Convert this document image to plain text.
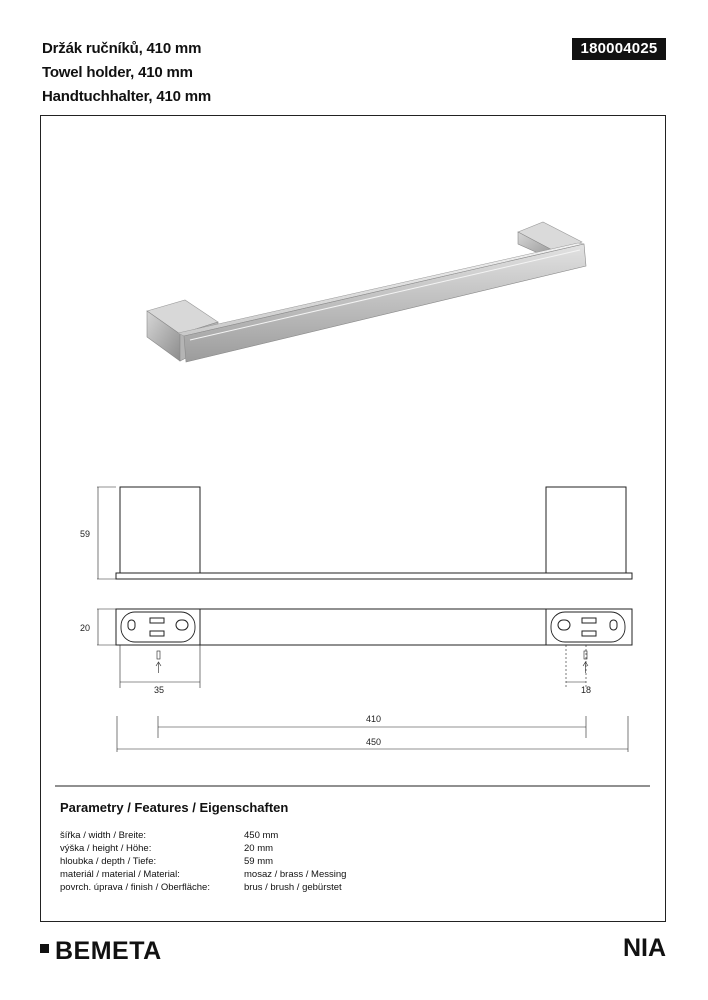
Držák ručníků, 410 mm
Towel holder, 410 mm
Handtuchhalter, 410 mm
180004025
59
20
35	18
410
450
Parametry / Features / Eigenschaften
šířka / width / Breite:	450 mm
výška / height / Höhe:	20 mm
hloubka / depth / Tiefe:	59 mm
materiál / material / Material:	mosaz / brass / Messing
povrch. úprava / finish / Oberfläche:	brus / brush / gebürstet
BEMETA	NIA
